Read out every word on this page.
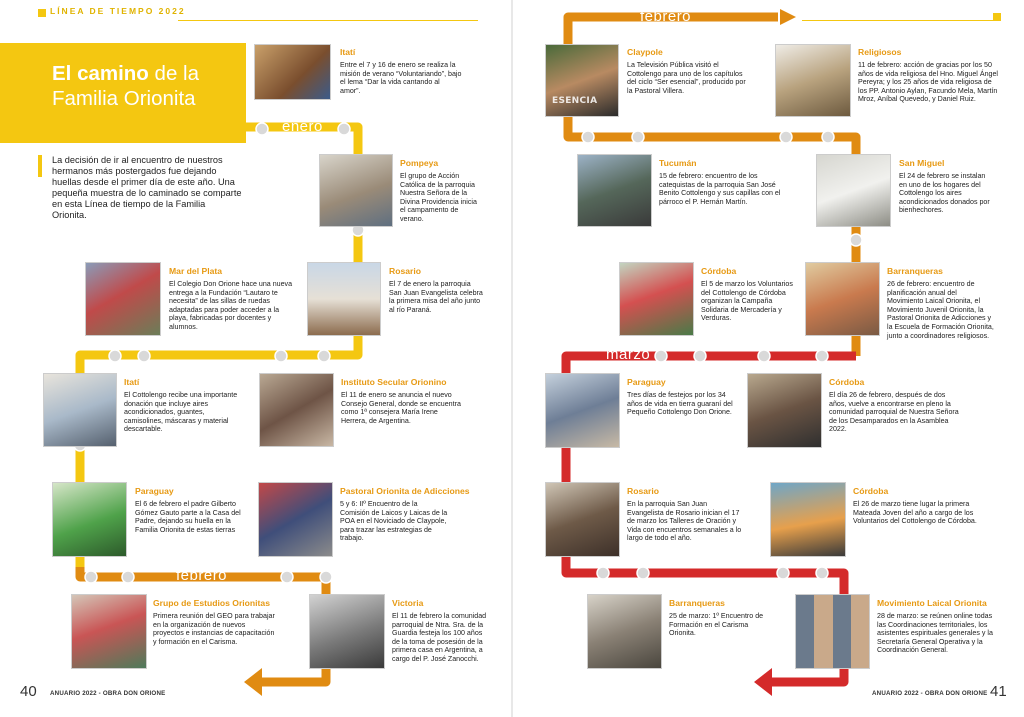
LÍNEA DE TIEMPO 2022
El camino de la
Familia Orionita
La decisión de ir al encuentro de nuestros hermanos más postergados fue dejando huellas desde el primer día de este año. Una pequeña muestra de lo caminado se comparte en esta Línea de tiempo de la Familia Orionita.
enero
febrero
febrero
marzo
Itatí
Entre el 7 y 16 de enero se realiza la misión de verano “Voluntariando”, bajo el lema “Dar la vida cantando al amor”.
Pompeya
El grupo de Acción Católica de la parroquia Nuestra Señora de la Divina Providencia inicia el campamento de verano.
Mar del Plata
El Colegio Don Orione hace una nueva entrega a la Fundación “Lautaro te necesita” de las sillas de ruedas adaptadas para poder acceder a la playa, fabricadas por docentes y alumnos.
Rosario
El 7 de enero la parroquia San Juan Evangelista celebra la primera misa del año junto al río Paraná.
Itatí
El Cottolengo recibe una importante donación que incluye aires acondicionados, guantes, camisolines, máscaras y material descartable.
Instituto Secular Orionino
El 11 de enero se anuncia el nuevo Consejo General, donde se encuentra como 1ª consejera María Irene Herrera, de Argentina.
Paraguay
El 6 de febrero el padre Gilberto Gómez Gauto parte a la Casa del Padre, dejando su huella en la Familia Orionita de estas tierras
Pastoral Orionita de Adicciones
5 y 6: IIº Encuentro de la Comisión de Laicos y Laicas de la POA en el Noviciado de Claypole, para trazar las estrategias de trabajo.
Grupo de Estudios Orionitas
Primera reunión del GEO para trabajar en la organización de nuevos proyectos e instancias de capacitación y formación en el Carisma.
Victoria
El 11 de febrero la comunidad parroquial de Ntra. Sra. de la Guardia festeja los 100 años de la toma de posesión de la primera casa en Argentina, a cargo del P. José Zanocchi.
ESENCIA
Claypole
La Televisión Pública visitó el Cottolengo para uno de los capítulos del ciclo “Ser esencial”, producido por la Pastoral Villera.
Religiosos
11 de febrero: acción de gracias por los 50 años de vida religiosa del Hno. Miguel Ángel Pereyra; y los 25 años de vida religiosa de los PP. Antonio Aylan, Facundo Mela, Martín Mroz, Aníbal Quevedo, y Daniel Ruiz.
Tucumán
15 de febrero: encuentro de los catequistas de la parroquia San José Benito Cottolengo y sus capillas con el párroco el P. Hernán Martín.
San Miguel
El 24 de febrero se instalan en uno de los hogares del Cottolengo los aires acondicionados donados por bienhechores.
Córdoba
El 5 de marzo los Voluntarios del Cottolengo de Córdoba organizan la Campaña Solidaria de Mercadería y Verduras.
Barranqueras
26 de febrero: encuentro de planificación anual del Movimiento Laical Orionita, el Movimiento Juvenil Orionita, la Pastoral Orionita de Adicciones y la Escuela de Formación Orionita, junto a coordinadores religiosos.
Paraguay
Tres días de festejos por los 34 años de vida en tierra guaraní del Pequeño Cottolengo Don Orione.
Córdoba
El día 26 de febrero, después de dos años, vuelve a encontrarse en pleno la comunidad parroquial de Nuestra Señora de los Desamparados en la Asamblea 2022.
Rosario
En la parroquia San Juan Evangelista de Rosario inician el 17 de marzo los Talleres de Oración y Vida con encuentros semanales a lo largo de todo el año.
Córdoba
El 26 de marzo tiene lugar la primera Mateada Joven del año a cargo de los Voluntarios del Cottolengo de Córdoba.
Barranqueras
25 de marzo: 1º Encuentro de Formación en el Carisma Orionita.
Movimiento Laical Orionita
28 de marzo: se reúnen online todas las Coordinaciones territoriales, los asistentes espirituales generales y la Secretaría General Operativa y la Coordinación General.
40 ANUARIO 2022 - OBRA DON ORIONE	ANUARIO 2022 - OBRA DON ORIONE 41
